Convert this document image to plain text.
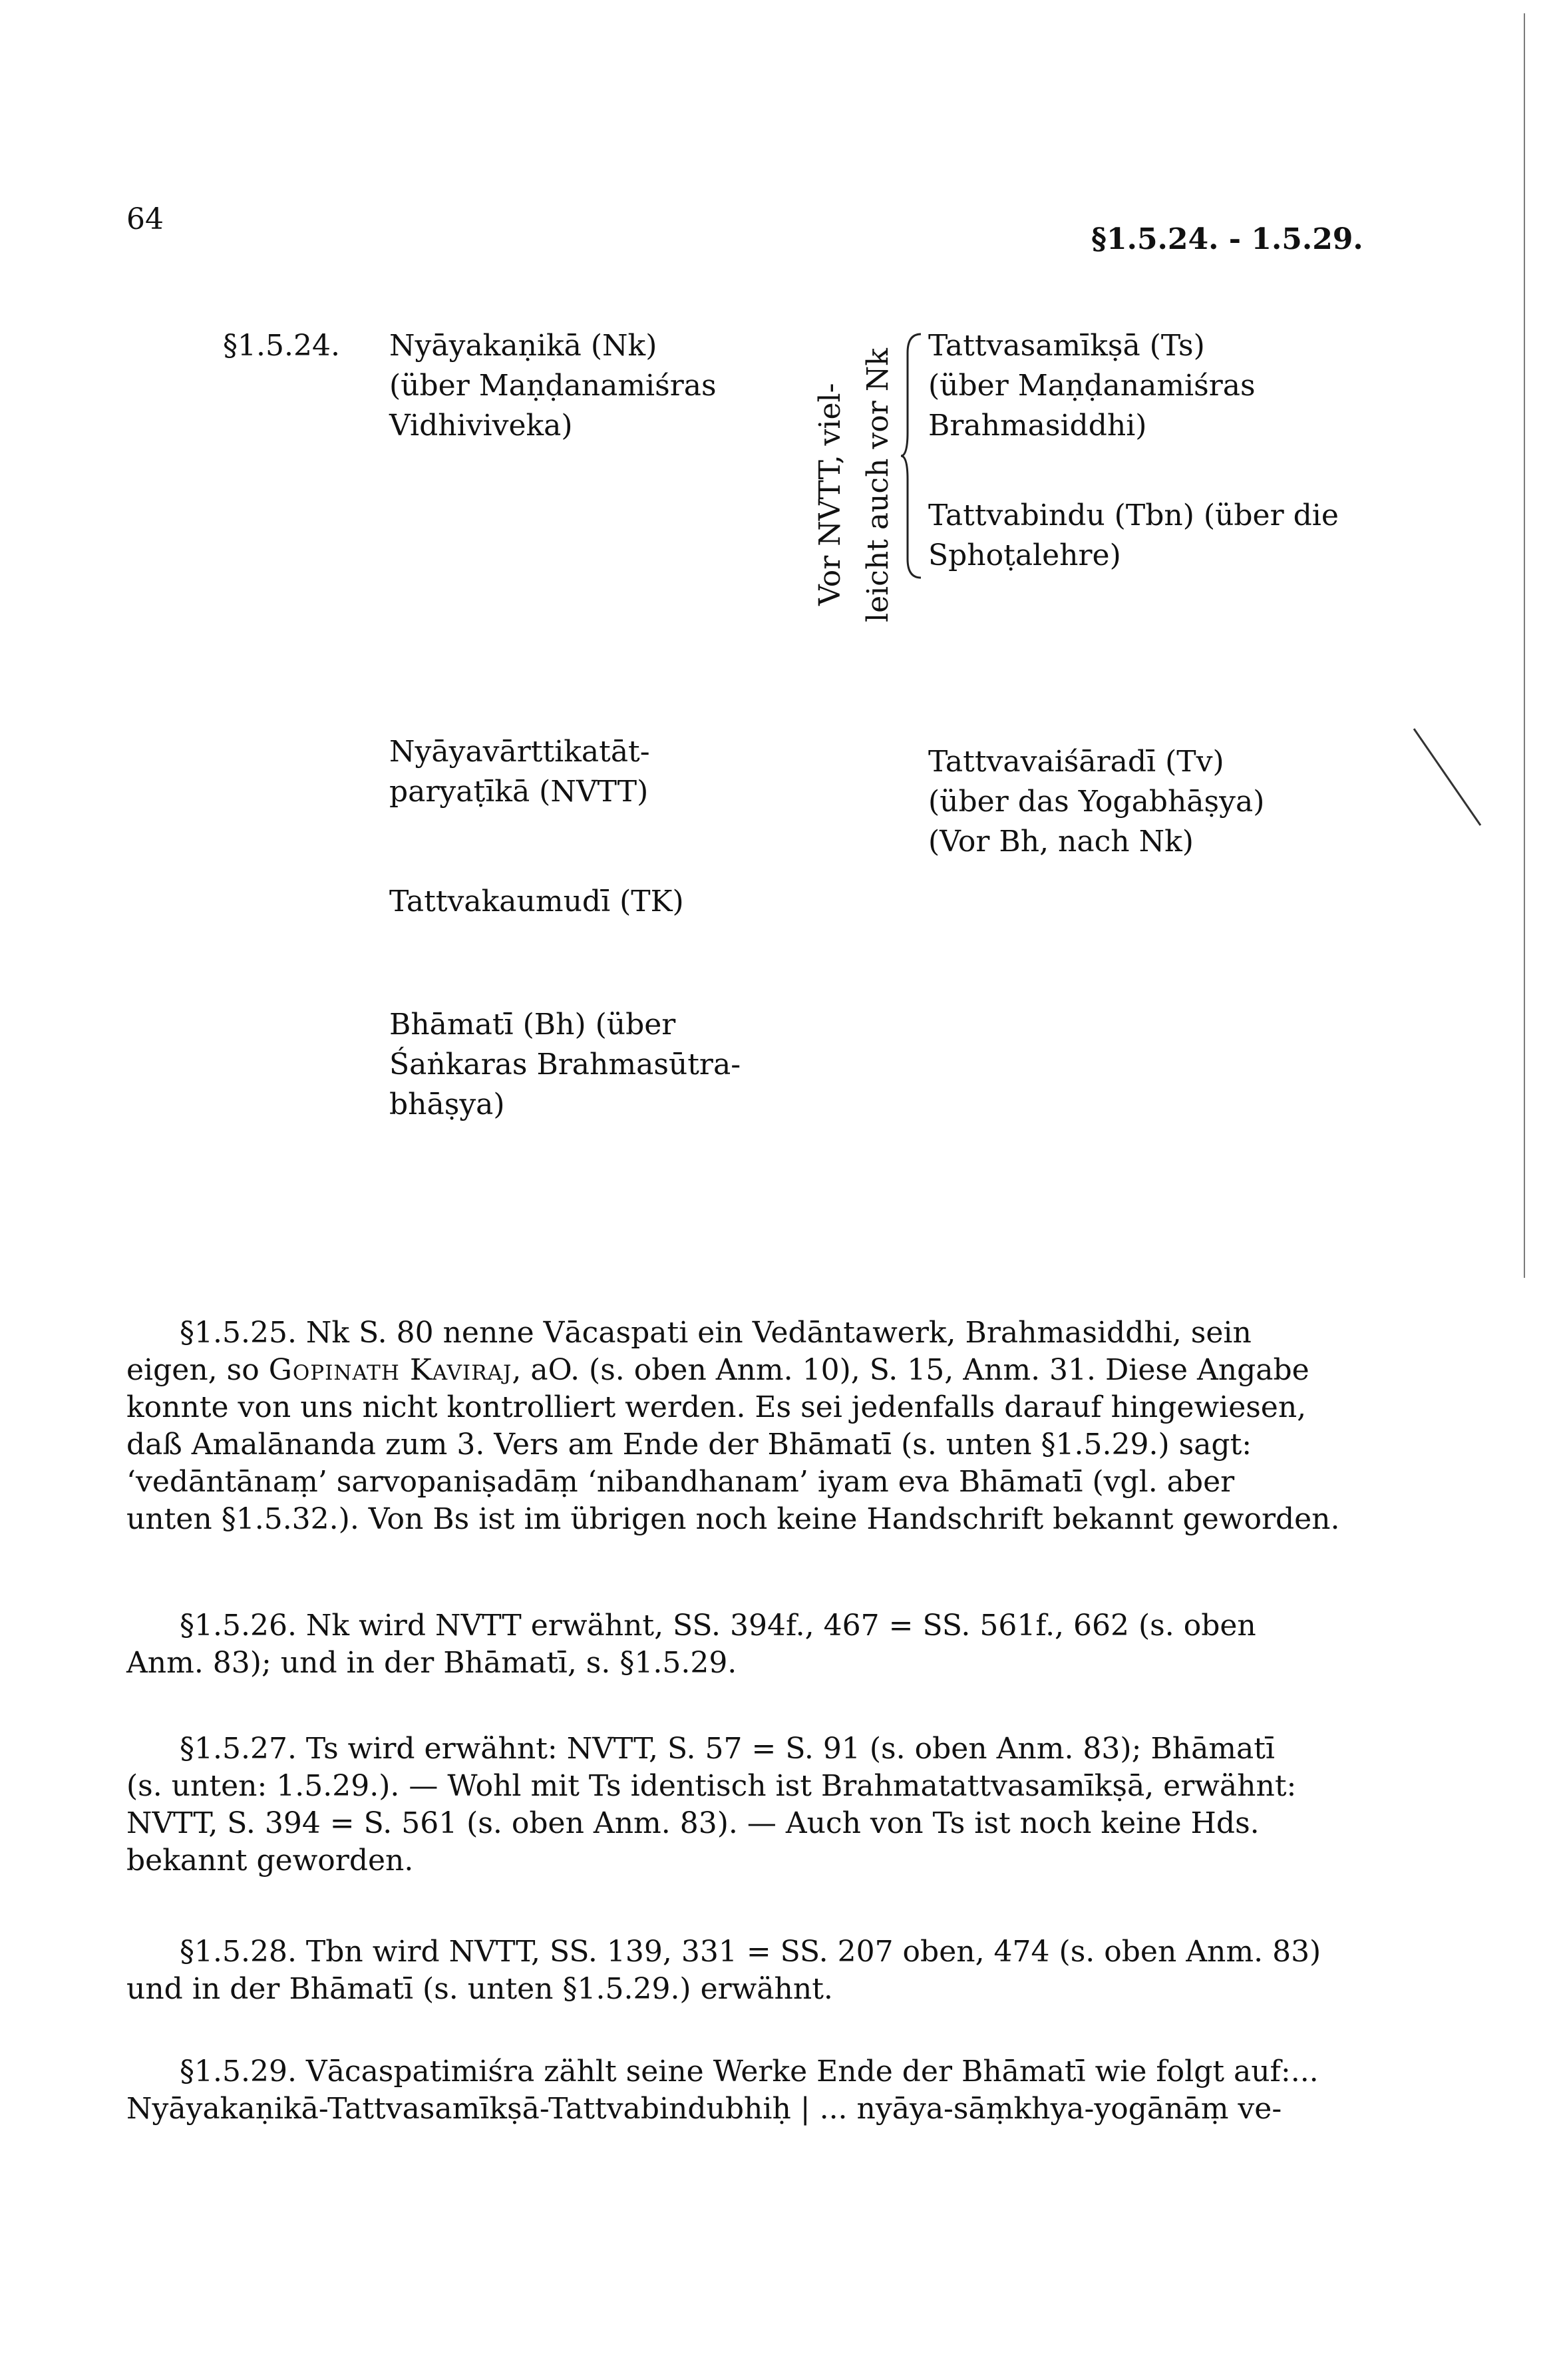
64
§1.5.24. - 1.5.29.
§1.5.24. Nyāyakaṇikā (Nk)
(über Maṇḍanamiśras
Vidhiviveka)	Vor NVTT, viel- leicht auch vor Nk
Tattvasamīkṣā (Ts)
(über Maṇḍanamiśras
Brahmasiddhi)
Tattvabindu (Tbn) (über die
Sphoṭalehre)
Nyāyavārttikatāt-
paryaṭīkā (NVTT)
Tattvavaiśāradī (Tv)
(über das Yogabhāṣya)
(Vor Bh, nach Nk)
Tattvakaumudī (TK)
Bhāmatī (Bh) (über
Śaṅkaras Brahmasūtra-
bhāṣya)
§1.5.25. Nk S. 80 nenne Vācaspati ein Vedāntawerk, Brahmasiddhi, sein
eigen, so Gopinath Kaviraj, aO. (s. oben Anm. 10), S. 15, Anm. 31. Diese Angabe
konnte von uns nicht kontrolliert werden. Es sei jedenfalls darauf hingewiesen,
daß Amalānanda zum 3. Vers am Ende der Bhāmatī (s. unten §1.5.29.) sagt:
‘vedāntānaṃ’ sarvopaniṣadāṃ ‘nibandhanam’ iyam eva Bhāmatī (vgl. aber
unten §1.5.32.). Von Bs ist im übrigen noch keine Handschrift bekannt geworden.
§1.5.26. Nk wird NVTT erwähnt, SS. 394f., 467 = SS. 561f., 662 (s. oben
Anm. 83); und in der Bhāmatī, s. §1.5.29.
§1.5.27. Ts wird erwähnt: NVTT, S. 57 = S. 91 (s. oben Anm. 83); Bhāmatī
(s. unten: 1.5.29.). — Wohl mit Ts identisch ist Brahmatattvasamīkṣā, erwähnt:
NVTT, S. 394 = S. 561 (s. oben Anm. 83). — Auch von Ts ist noch keine Hds.
bekannt geworden.
§1.5.28. Tbn wird NVTT, SS. 139, 331 = SS. 207 oben, 474 (s. oben Anm. 83)
und in der Bhāmatī (s. unten §1.5.29.) erwähnt.
§1.5.29. Vācaspatimiśra zählt seine Werke Ende der Bhāmatī wie folgt auf:...
Nyāyakaṇikā-Tattvasamīkṣā-Tattvabindubhiḥ | ... nyāya-sāṃkhya-yogānāṃ ve-
